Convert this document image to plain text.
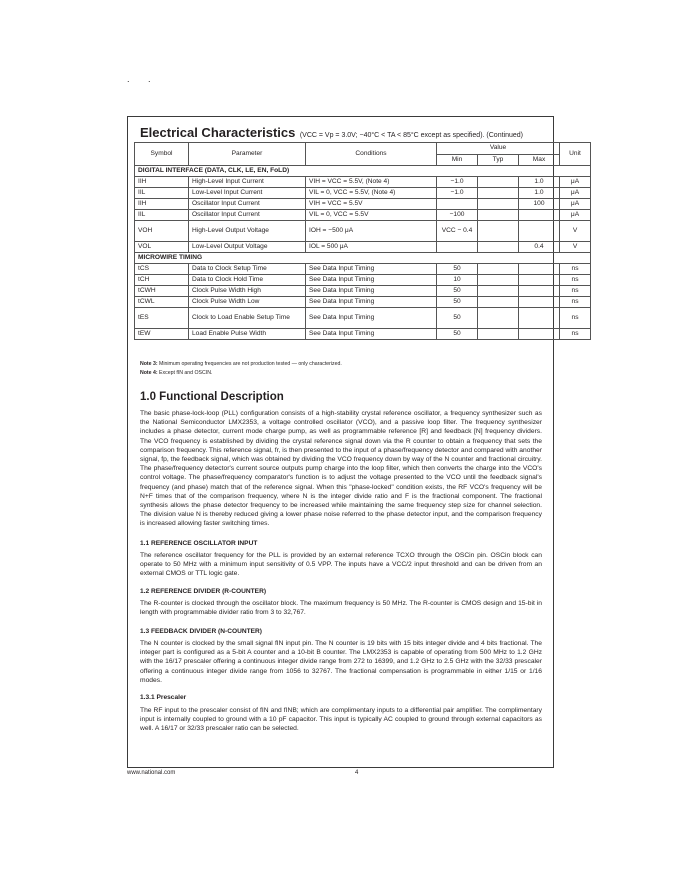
. .
Electrical Characteristics (VCC = Vp = 3.0V; −40°C < TA < 85°C except as specified). (Continued)
Symbol	Parameter	Conditions	Value			Unit
			Min	Typ	Max	
DIGITAL INTERFACE (DATA, CLK, LE, EN, FoLD)						
IIH	High-Level Input Current	VIH = VCC = 5.5V, (Note 4)	−1.0		1.0	μA
IIL	Low-Level Input Current	VIL = 0, VCC = 5.5V, (Note 4)	−1.0		1.0	μA
IIH	Oscillator Input Current	VIH = VCC = 5.5V			100	μA
IIL	Oscillator Input Current	VIL = 0, VCC = 5.5V	−100			μA
VOH	High-Level Output Voltage	IOH = −500 μA	VCC − 0.4			V
VOL	Low-Level Output Voltage	IOL = 500 μA			0.4	V
MICROWIRE TIMING						
tCS	Data to Clock Setup Time	See Data Input Timing	50			ns
tCH	Data to Clock Hold Time	See Data Input Timing	10			ns
tCWH	Clock Pulse Width High	See Data Input Timing	50			ns
tCWL	Clock Pulse Width Low	See Data Input Timing	50			ns
tES	Clock to Load Enable Setup Time	See Data Input Timing	50			ns
tEW	Load Enable Pulse Width	See Data Input Timing	50			ns
Note 3: Minimum operating frequencies are not production tested — only characterized.
Note 4: Except fIN and OSCIN.
1.0 Functional Description

The basic phase-lock-loop (PLL) configuration consists of a high-stability crystal reference oscillator, a frequency synthesizer such as the National Semiconductor LMX2353, a voltage controlled oscillator (VCO), and a passive loop filter. The frequency synthesizer includes a phase detector, current mode charge pump, as well as programmable reference [R] and feedback [N] frequency dividers. The VCO frequency is established by dividing the crystal reference signal down via the R counter to obtain a frequency that sets the comparison frequency. This reference signal, fr, is then presented to the input of a phase/frequency detector and compared with another signal, fp, the feedback signal, which was obtained by dividing the VCO frequency down by way of the N counter and fractional circuitry. The phase/frequency detector's current source outputs pump charge into the loop filter, which then converts the charge into the VCO's control voltage. The phase/frequency comparator's function is to adjust the voltage presented to the VCO until the feedback signal's frequency (and phase) match that of the reference signal. When this "phase-locked" condition exists, the RF VCO's frequency will be N+F times that of the comparison frequency, where N is the integer divide ratio and F is the fractional component. The fractional synthesis allows the phase detector frequency to be increased while maintaining the same frequency step size for channel selection. The division value N is thereby reduced giving a lower phase noise referred to the phase detector input, and the comparison frequency is increased allowing faster switching times.

1.1 REFERENCE OSCILLATOR INPUT

The reference oscillator frequency for the PLL is provided by an external reference TCXO through the OSCin pin. OSCin block can operate to 50 MHz with a minimum input sensitivity of 0.5 VPP. The inputs have a VCC/2 input threshold and can be driven from an external CMOS or TTL logic gate.

1.2 REFERENCE DIVIDER (R-COUNTER)

The R-counter is clocked through the oscillator block. The maximum frequency is 50 MHz. The R-counter is CMOS design and 15-bit in length with programmable divider ratio from 3 to 32,767.

1.3 FEEDBACK DIVIDER (N-COUNTER)

The N counter is clocked by the small signal fIN input pin. The N counter is 19 bits with 15 bits integer divide and 4 bits fractional. The integer part is configured as a 5-bit A counter and a 10-bit B counter. The LMX2353 is capable of operating from 500 MHz to 1.2 GHz with the 16/17 prescaler offering a continuous integer divide range from 272 to 16399, and 1.2 GHz to 2.5 GHz with the 32/33 prescaler offering a continuous integer divide range from 1056 to 32767. The fractional compensation is programmable in either 1/15 or 1/16 modes.

1.3.1 Prescaler

The RF input to the prescaler consist of fIN and fINB; which are complimentary inputs to a differential pair amplifier. The complimentary input is internally coupled to ground with a 10 pF capacitor. This input is typically AC coupled to ground through external capacitors as well. A 16/17 or 32/33 prescaler ratio can be selected.

www.national.com	4
